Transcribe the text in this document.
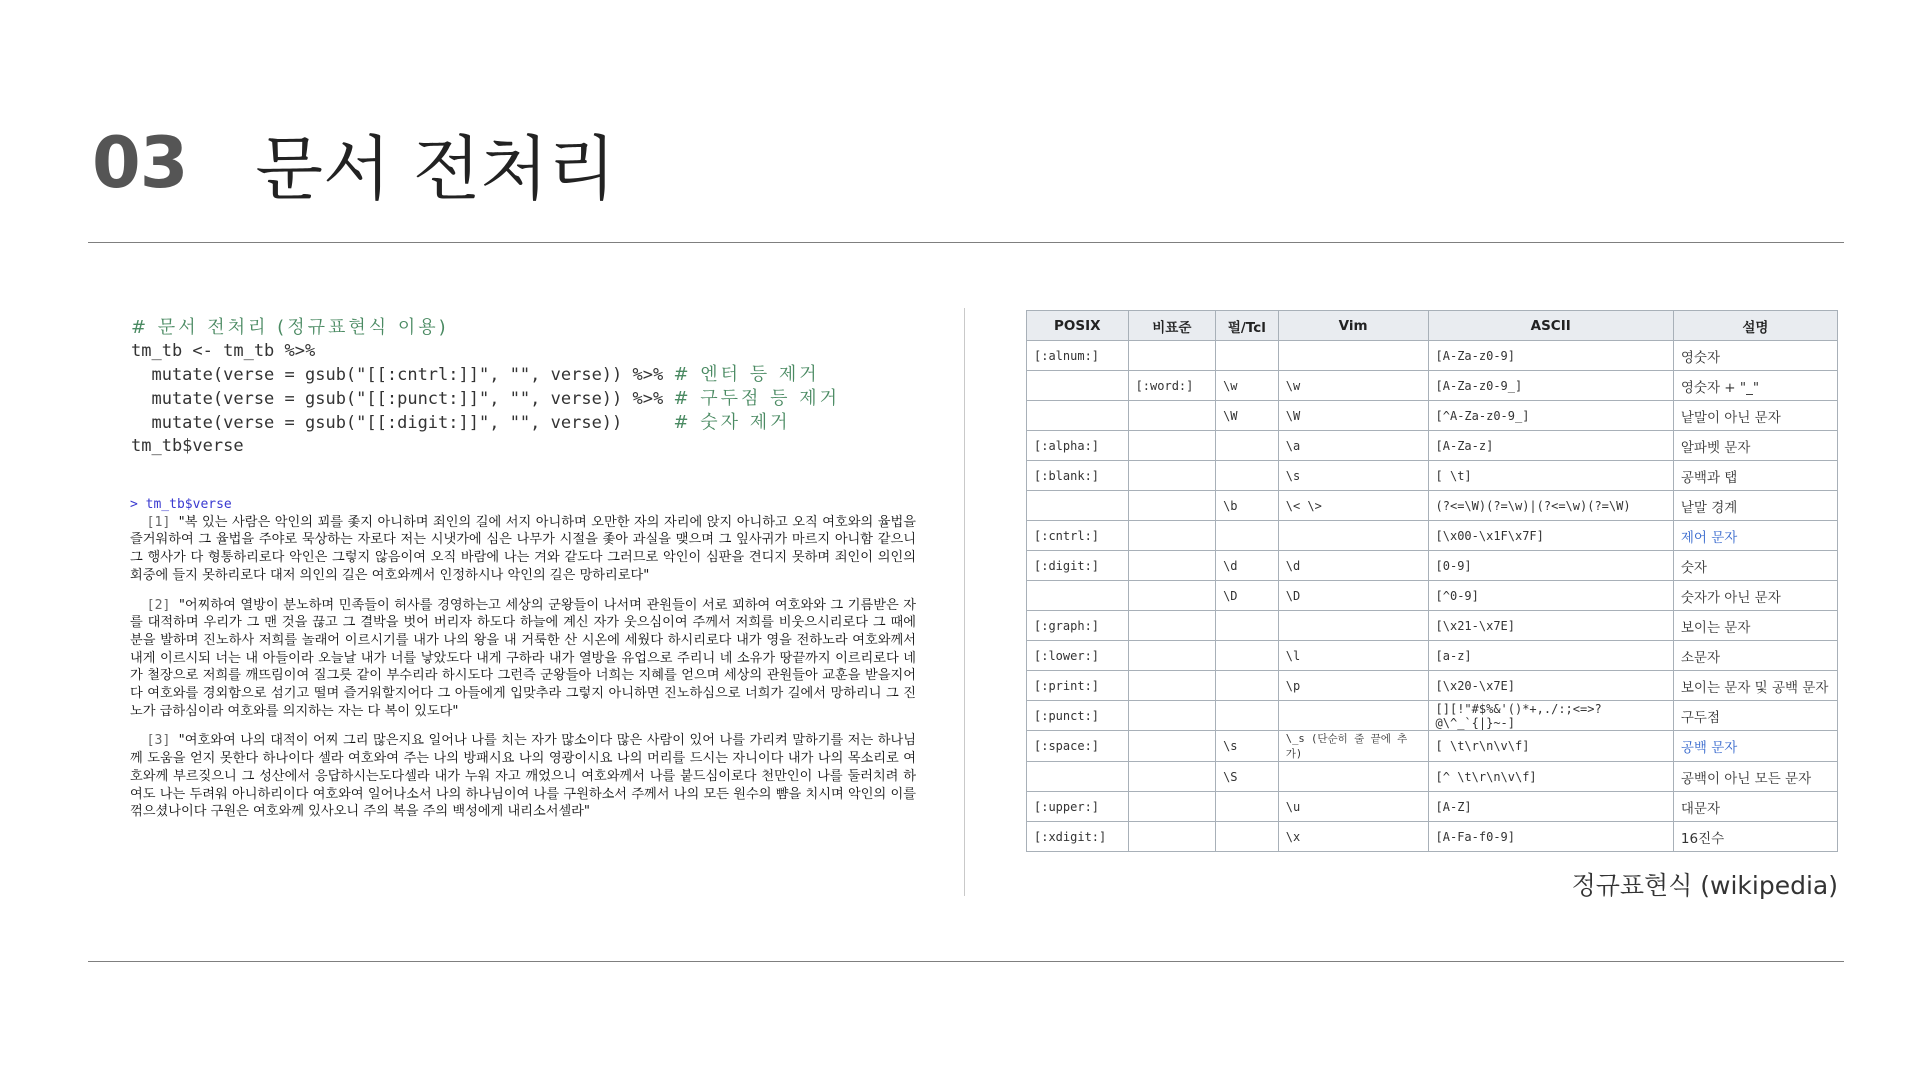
03 문서 전처리
# 문서 전처리 (정규표현식 이용)
tm_tb <- tm_tb %>%
mutate(verse = gsub("[[:cntrl:]]", "", verse)) %>% # 엔터 등 제거
mutate(verse = gsub("[[:punct:]]", "", verse)) %>% # 구두점 등 제거
mutate(verse = gsub("[[:digit:]]", "", verse))     # 숫자 제거
tm_tb$verse
> tm_tb$verse
[1] "복 있는 사람은 악인의 꾀를 좇지 아니하며 죄인의 길에 서지 아니하며 오만한 자의 자리에 앉지 아니하고 오직 여호와의 율법을 즐거워하여 그 율법을 주야로 묵상하는 자로다 저는 시냇가에 심은 나무가 시절을 좇아 과실을 맺으며 그 잎사귀가 마르지 아니함 같으니 그 행사가 다 형통하리로다 악인은 그렇지 않음이여 오직 바람에 나는 겨와 같도다 그러므로 악인이 심판을 견디지 못하며 죄인이 의인의 회중에 들지 못하리로다 대저 의인의 길은 여호와께서 인정하시나 악인의 길은 망하리로다"
[2] "어찌하여 열방이 분노하며 민족들이 허사를 경영하는고 세상의 군왕들이 나서며 관원들이 서로 꾀하여 여호와와 그 기름받은 자를 대적하며 우리가 그 맨 것을 끊고 그 결박을 벗어 버리자 하도다 하늘에 계신 자가 웃으심이여 주께서 저희를 비웃으시리로다 그 때에 분을 발하며 진노하사 저희를 놀래어 이르시기를 내가 나의 왕을 내 거룩한 산 시온에 세웠다 하시리로다 내가 영을 전하노라 여호와께서 내게 이르시되 너는 내 아들이라 오늘날 내가 너를 낳았도다 내게 구하라 내가 열방을 유업으로 주리니 네 소유가 땅끝까지 이르리로다 네가 철장으로 저희를 깨뜨림이여 질그릇 같이 부수리라 하시도다 그런즉 군왕들아 너희는 지혜를 얻으며 세상의 관원들아 교훈을 받을지어다 여호와를 경외함으로 섬기고 떨며 즐거워할지어다 그 아들에게 입맞추라 그렇지 아니하면 진노하심으로 너희가 길에서 망하리니 그 진노가 급하심이라 여호와를 의지하는 자는 다 복이 있도다"
[3] "여호와여 나의 대적이 어찌 그리 많은지요 일어나 나를 치는 자가 많소이다 많은 사람이 있어 나를 가리켜 말하기를 저는 하나님께 도움을 얻지 못한다 하나이다 셀라 여호와여 주는 나의 방패시요 나의 영광이시요 나의 머리를 드시는 자니이다 내가 나의 목소리로 여호와께 부르짖으니 그 성산에서 응답하시는도다셀라 내가 누워 자고 깨었으니 여호와께서 나를 붙드심이로다 천만인이 나를 둘러치려 하여도 나는 두려워 아니하리이다 여호와여 일어나소서 나의 하나님이여 나를 구원하소서 주께서 나의 모든 원수의 뺨을 치시며 악인의 이를 꺾으셨나이다 구원은 여호와께 있사오니 주의 복을 주의 백성에게 내리소서셀라"
POSIX	비표준	펄/Tcl	Vim	ASCII	설명
[:alnum:]				[A-Za-z0-9]	영숫자
	[:word:]	\w	\w	[A-Za-z0-9_]	영숫자 + "_"
		\W	\W	[^A-Za-z0-9_]	낱말이 아닌 문자
[:alpha:]			\a	[A-Za-z]	알파벳 문자
[:blank:]			\s	[ \t]	공백과 탭
		\b	\< \>	(?<=\W)(?=\w)|(?<=\w)(?=\W)	낱말 경계
[:cntrl:]				[\x00-\x1F\x7F]	제어 문자
[:digit:]		\d	\d	[0-9]	숫자
		\D	\D	[^0-9]	숫자가 아닌 문자
[:graph:]				[\x21-\x7E]	보이는 문자
[:lower:]			\l	[a-z]	소문자
[:print:]			\p	[\x20-\x7E]	보이는 문자 및 공백 문자
[:punct:]				[][!"#$%&'()*+,./:;<=>?@\^_`{|}~-]	구두점
[:space:]		\s	\_s (단순히 줄 끝에 추가)	[ \t\r\n\v\f]	공백 문자
		\S		[^ \t\r\n\v\f]	공백이 아닌 모든 문자
[:upper:]			\u	[A-Z]	대문자
[:xdigit:]			\x	[A-Fa-f0-9]	16진수
정규표현식 (wikipedia)
